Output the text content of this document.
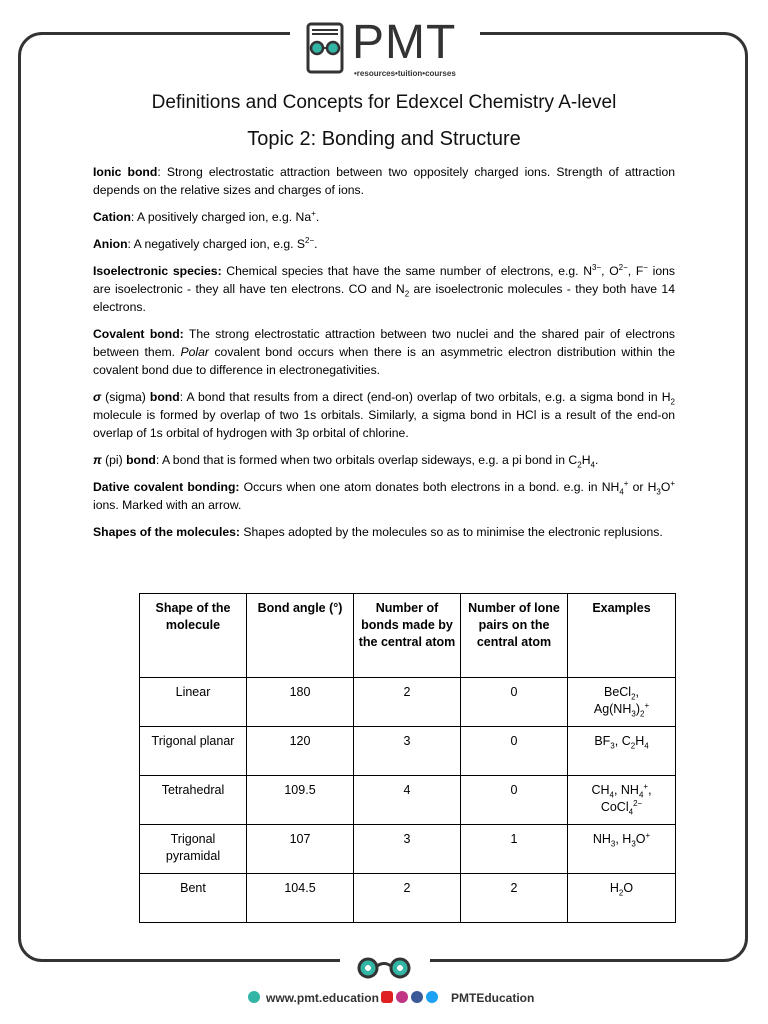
PMT
•resources•tuition•courses
Definitions and Concepts for Edexcel Chemistry A-level
Topic 2: Bonding and Structure

Ionic bond: Strong electrostatic attraction between two oppositely charged ions. Strength of attraction depends on the relative sizes and charges of ions.

Cation: A positively charged ion, e.g. Na+.

Anion: A negatively charged ion, e.g. $S^{2-}$.

Isoelectronic species: Chemical species that have the same number of electrons, e.g. $N^{3-}$, $O^{2-}$, F− ions are isoelectronic - they all have ten electrons. CO and $N_2$ are isoelectronic molecules - they both have 14 electrons.

Covalent bond: The strong electrostatic attraction between two nuclei and the shared pair of electrons between them. Polar covalent bond occurs when there is an asymmetric electron distribution within the covalent bond due to difference in electronegativities.

σ (sigma) bond: A bond that results from a direct (end-on) overlap of two orbitals, e.g. a sigma bond in $H_2$ molecule is formed by overlap of two 1s orbitals. Similarly, a sigma bond in HCl is a result of the end-on overlap of 1s orbital of hydrogen with 3p orbital of chlorine.

π (pi) bond: A bond that is formed when two orbitals overlap sideways, e.g. a pi bond in $C_2H_4$.

Dative covalent bonding: Occurs when one atom donates both electrons in a bond. e.g. in $NH_4^+$ or $H_3O^+$ ions. Marked with an arrow.

Shapes of the molecules: Shapes adopted by the molecules so as to minimise the electronic replusions.

Shape of the molecule	Bond angle (°)	Number of bonds made by the central atom	Number of lone pairs on the central atom	Examples
Linear	180	2	0	BeCl$_2$,
$Ag(NH_3)_2^+$
Trigonal planar	120	3	0	$BF_3$, $C_2H_4$
Tetrahedral	109.5	4	0	$CH_4$, $NH_4^+$,
CoCl$_4^{2-}$
Trigonal pyramidal	107	3	1	$NH_3$, $H_3O^+$
Bent	104.5	2	2	$H_2O$
www.pmt.education	PMTEducation
